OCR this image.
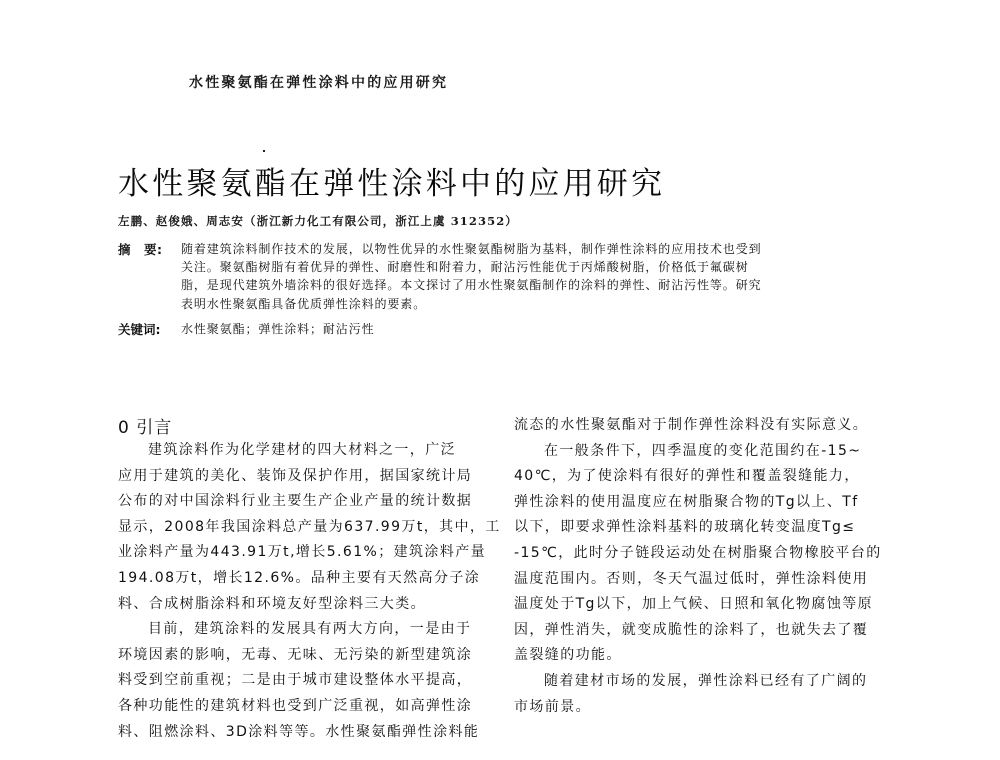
水性聚氨酯在弹性涂料中的应用研究
水性聚氨酯在弹性涂料中的应用研究
左鹏、赵俊娥、周志安（浙江新力化工有限公司，浙江上虞 312352）
摘　要: 随着建筑涂料制作技术的发展，以物性优异的水性聚氨酯树脂为基料，制作弹性涂料的应用技术也受到
关注。聚氨酯树脂有着优异的弹性、耐磨性和附着力，耐沾污性能优于丙烯酸树脂，价格低于氟碳树
脂，是现代建筑外墙涂料的很好选择。本文探讨了用水性聚氨酯制作的涂料的弹性、耐沾污性等。研究
表明水性聚氨酯具备优质弹性涂料的要素。
关键词: 水性聚氨酯；弹性涂料；耐沾污性
0 引言
建筑涂料作为化学建材的四大材料之一，广泛
应用于建筑的美化、装饰及保护作用，据国家统计局
公布的对中国涂料行业主要生产企业产量的统计数据
显示，2008年我国涂料总产量为637.99万t，其中，工
业涂料产量为443.91万t,增长5.61%；建筑涂料产量
194.08万t，增长12.6%。品种主要有天然高分子涂
料、合成树脂涂料和环境友好型涂料三大类。
目前，建筑涂料的发展具有两大方向，一是由于
环境因素的影响，无毒、无味、无污染的新型建筑涂
料受到空前重视；二是由于城市建设整体水平提高，
各种功能性的建筑材料也受到广泛重视，如高弹性涂
料、阻燃涂料、3D涂料等等。水性聚氨酯弹性涂料能
流态的水性聚氨酯对于制作弹性涂料没有实际意义。
在一般条件下，四季温度的变化范围约在-15~
40℃，为了使涂料有很好的弹性和覆盖裂缝能力，
弹性涂料的使用温度应在树脂聚合物的Tg以上、Tf
以下，即要求弹性涂料基料的玻璃化转变温度Tg≤
-15℃，此时分子链段运动处在树脂聚合物橡胶平台的
温度范围内。否则，冬天气温过低时，弹性涂料使用
温度处于Tg以下，加上气候、日照和氧化物腐蚀等原
因，弹性消失，就变成脆性的涂料了，也就失去了覆
盖裂缝的功能。
随着建材市场的发展，弹性涂料已经有了广阔的
市场前景。
